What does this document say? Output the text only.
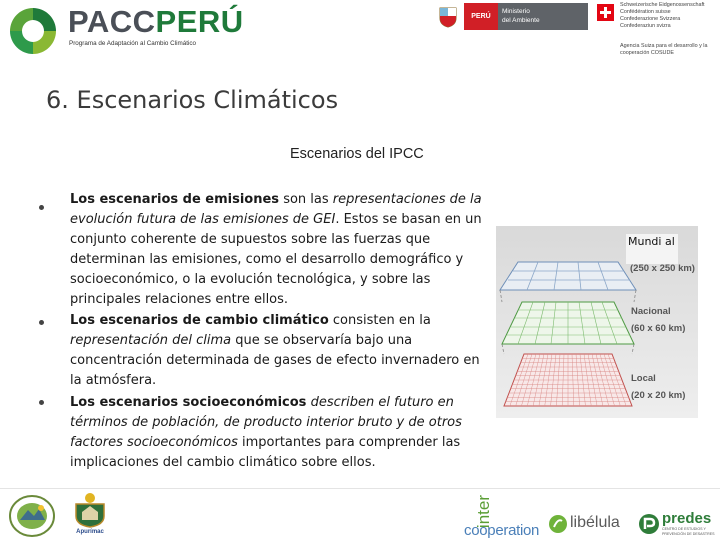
PACCPERÚ
Programa de Adaptación al Cambio Climático
PERÚ
Ministerio
del Ambiente
Schweizerische Eidgenossenschaft
Confédération suisse
Confederazione Svizzera
Confederaziun svizra
Agencia Suiza para el desarrollo y la cooperación COSUDE
6. Escenarios Climáticos
Escenarios del IPCC
Los escenarios de emisiones son las representaciones de la evolución futura de las emisiones de GEI. Estos se basan en un conjunto coherente de supuestos sobre las fuerzas que determinan las emisiones, como el desarrollo demográfico y socioeconómico, o la evolución tecnológica, y sobre las principales relaciones entre ellos.
Los escenarios de cambio climático consisten en la representación del clima que se observaría bajo una concentración determinada de gases de efecto invernadero en la atmósfera.
Los escenarios socioeconómicos describen el futuro en términos de población, de producto interior bruto y de otros factores socioeconómicos importantes para comprender las implicaciones del cambio climático sobre ellos.
Mundi al
(250 x 250 km)
Nacional
(60 x 60 km)
Local
(20 x 20 km)
Apurímac
inter
cooperation libélula	predes
CENTRO DE ESTUDIOS Y PREVENCIÓN DE DESASTRES
